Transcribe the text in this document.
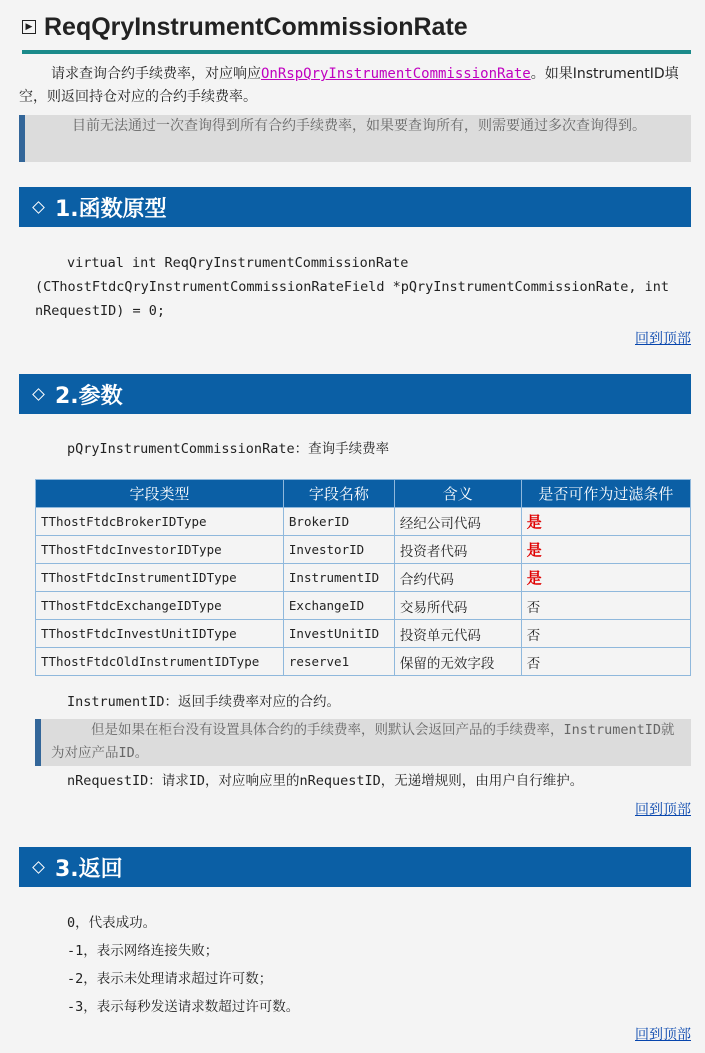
▶ ReqQryInstrumentCommissionRate
请求查询合约手续费率，对应响应OnRspQryInstrumentCommissionRate。如果InstrumentID填空，则返回持仓对应的合约手续费率。
目前无法通过一次查询得到所有合约手续费率，如果要查询所有，则需要通过多次查询得到。
1.函数原型
virtual int ReqQryInstrumentCommissionRate
(CThostFtdcQryInstrumentCommissionRateField *pQryInstrumentCommissionRate, int
nRequestID) = 0;
回到顶部
2.参数
pQryInstrumentCommissionRate：查询手续费率
字段类型	字段名称	含义	是否可作为过滤条件
TThostFtdcBrokerIDType	BrokerID	经纪公司代码	是
TThostFtdcInvestorIDType	InvestorID	投资者代码	是
TThostFtdcInstrumentIDType	InstrumentID	合约代码	是
TThostFtdcExchangeIDType	ExchangeID	交易所代码	否
TThostFtdcInvestUnitIDType	InvestUnitID	投资单元代码	否
TThostFtdcOldInstrumentIDType	reserve1	保留的无效字段	否
InstrumentID：返回手续费率对应的合约。
但是如果在柜台没有设置具体合约的手续费率，则默认会返回产品的手续费率，InstrumentID就为对应产品ID。
nRequestID：请求ID，对应响应里的nRequestID，无递增规则，由用户自行维护。
回到顶部
3.返回
0，代表成功。
-1，表示网络连接失败；
-2，表示未处理请求超过许可数；
-3，表示每秒发送请求数超过许可数。
回到顶部
